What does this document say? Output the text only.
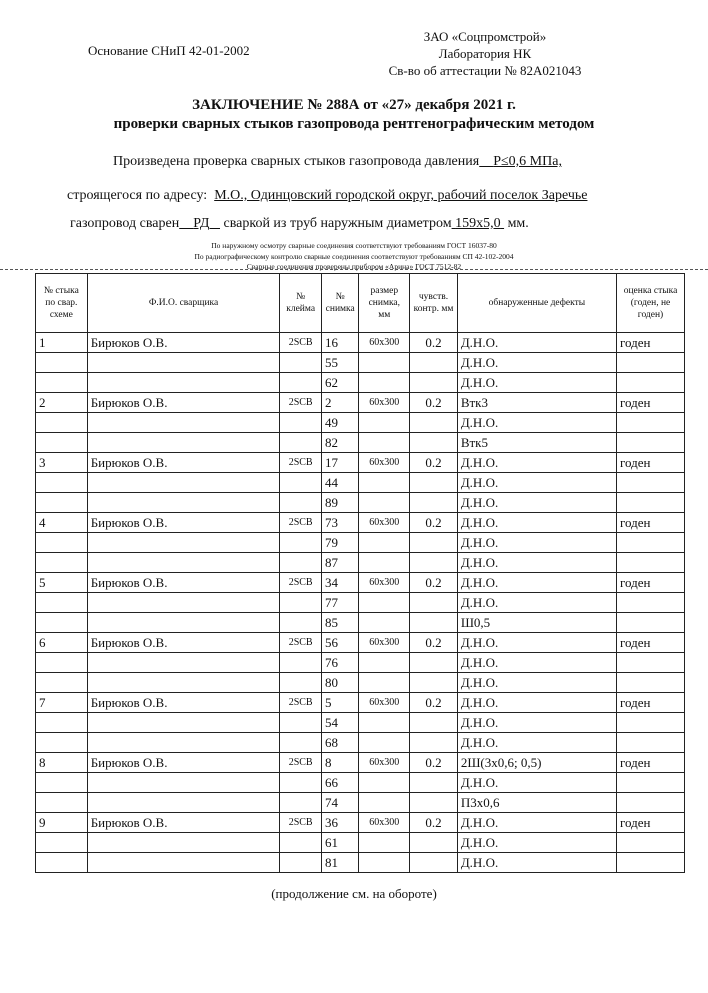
Основание СНиП 42-01-2002
ЗАО «Соцпромстрой»
Лаборатория НК
Св-во об аттестации № 82А021043
ЗАКЛЮЧЕНИЕ № 288А от «27» декабря 2021 г.
проверки сварных стыков газопровода рентгенографическим методом
Произведена проверка сварных стыков газопровода давления Р≤0,6 МПа,
строящегося по адресу: М.О., Одинцовский городской округ, рабочий поселок Заречье
газопровод сварен РД сваркой из труб наружным диаметром 159х5,0 мм.
По наружному осмотру сварные соединения соответствуют требованиям ГОСТ 16037-80
По радиографическому контролю сварные соединения соответствуют требованиям СП 42-102-2004
Сварные соединения проверены прибором «Арина» ГОСТ 7512-82
№ стыка по свар. схеме	Ф.И.О. сварщика	№ клейма	№ снимка	размер снимка, мм	чувств. контр. мм	обнаруженные дефекты	оценка стыка (годен, не годен)
1	Бирюков О.В.	2SCB	16	60х300	0.2	Д.Н.О.	годен
			55			Д.Н.О.	
			62			Д.Н.О.	
2	Бирюков О.В.	2SCB	2	60х300	0.2	Втк3	годен
			49			Д.Н.О.	
			82			Втк5	
3	Бирюков О.В.	2SCB	17	60х300	0.2	Д.Н.О.	годен
			44			Д.Н.О.	
			89			Д.Н.О.	
4	Бирюков О.В.	2SCB	73	60х300	0.2	Д.Н.О.	годен
			79			Д.Н.О.	
			87			Д.Н.О.	
5	Бирюков О.В.	2SCB	34	60х300	0.2	Д.Н.О.	годен
			77			Д.Н.О.	
			85			Ш0,5	
6	Бирюков О.В.	2SCB	56	60х300	0.2	Д.Н.О.	годен
			76			Д.Н.О.	
			80			Д.Н.О.	
7	Бирюков О.В.	2SCB	5	60х300	0.2	Д.Н.О.	годен
			54			Д.Н.О.	
			68			Д.Н.О.	
8	Бирюков О.В.	2SCB	8	60х300	0.2	2Ш(3х0,6; 0,5)	годен
			66			Д.Н.О.	
			74			П3х0,6	
9	Бирюков О.В.	2SCB	36	60х300	0.2	Д.Н.О.	годен
			61			Д.Н.О.	
			81			Д.Н.О.	
(продолжение см. на обороте)
